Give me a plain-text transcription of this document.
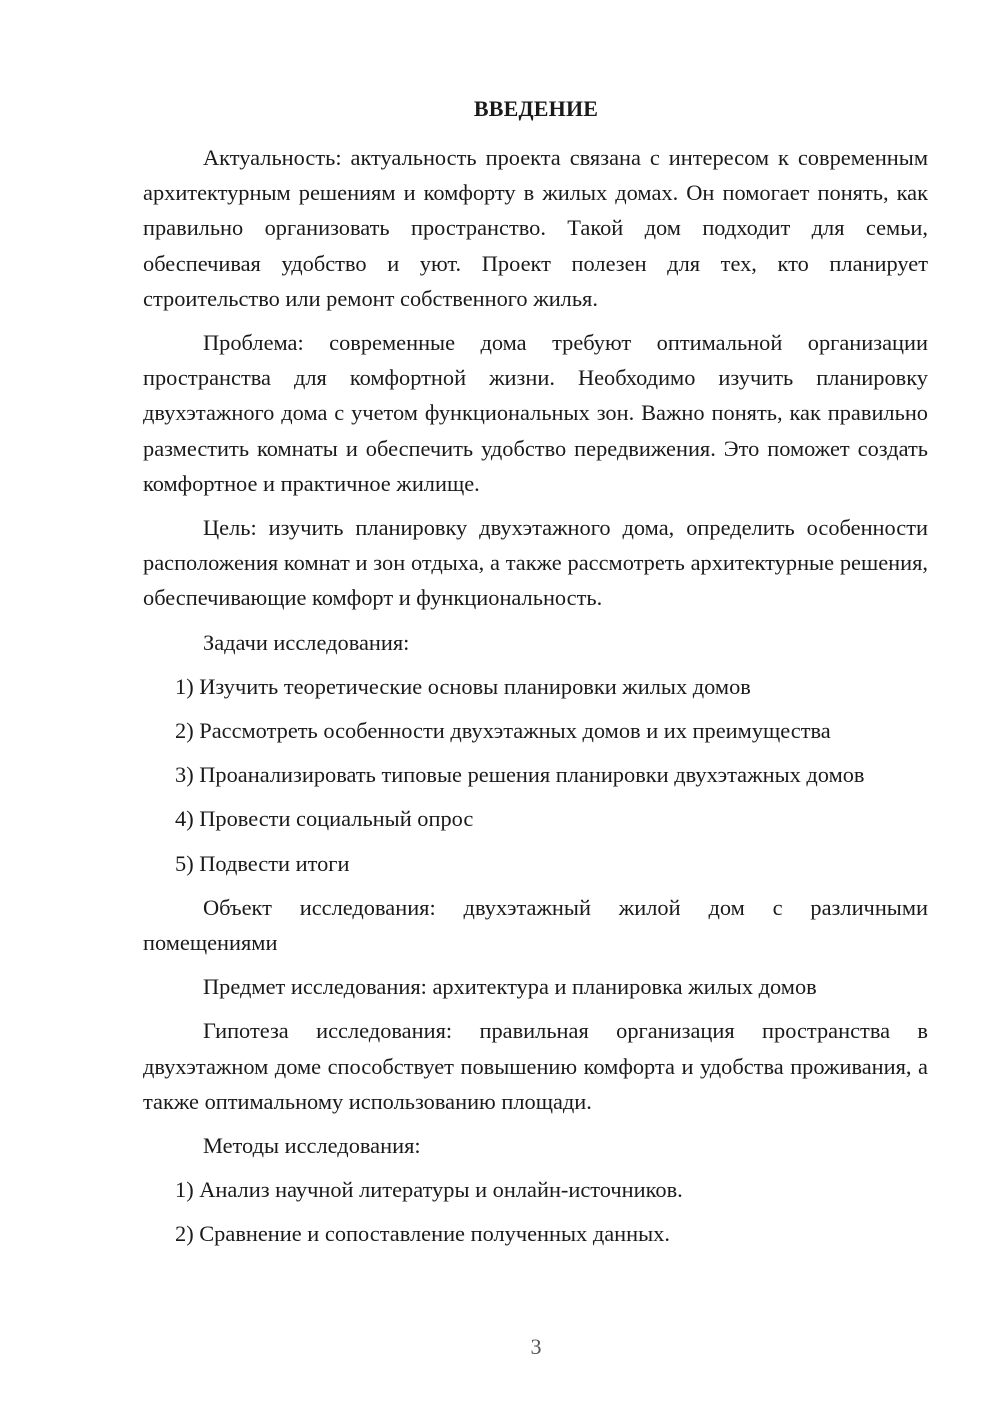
ВВЕДЕНИЕ

Актуальность: актуальность проекта связана с интересом к современным архитектурным решениям и комфорту в жилых домах. Он помогает понять, как правильно организовать пространство. Такой дом подходит для семьи, обеспечивая удобство и уют. Проект полезен для тех, кто планирует строительство или ремонт собственного жилья.

Проблема: современные дома требуют оптимальной организации пространства для комфортной жизни. Необходимо изучить планировку двухэтажного дома с учетом функциональных зон. Важно понять, как правильно разместить комнаты и обеспечить удобство передвижения. Это поможет создать комфортное и практичное жилище.

Цель: изучить планировку двухэтажного дома, определить особенности расположения комнат и зон отдыха, а также рассмотреть архитектурные решения, обеспечивающие комфорт и функциональность.

Задачи исследования:

1) Изучить теоретические основы планировки жилых домов

2) Рассмотреть особенности двухэтажных домов и их преимущества

3) Проанализировать типовые решения планировки двухэтажных домов

4) Провести социальный опрос

5) Подвести итоги

Объект исследования: двухэтажный жилой дом с различными помещениями

Предмет исследования: архитектура и планировка жилых домов

Гипотеза исследования: правильная организация пространства в двухэтажном доме способствует повышению комфорта и удобства проживания, а также оптимальному использованию площади.

Методы исследования:

1) Анализ научной литературы и онлайн-источников.

2) Сравнение и сопоставление полученных данных.

3
